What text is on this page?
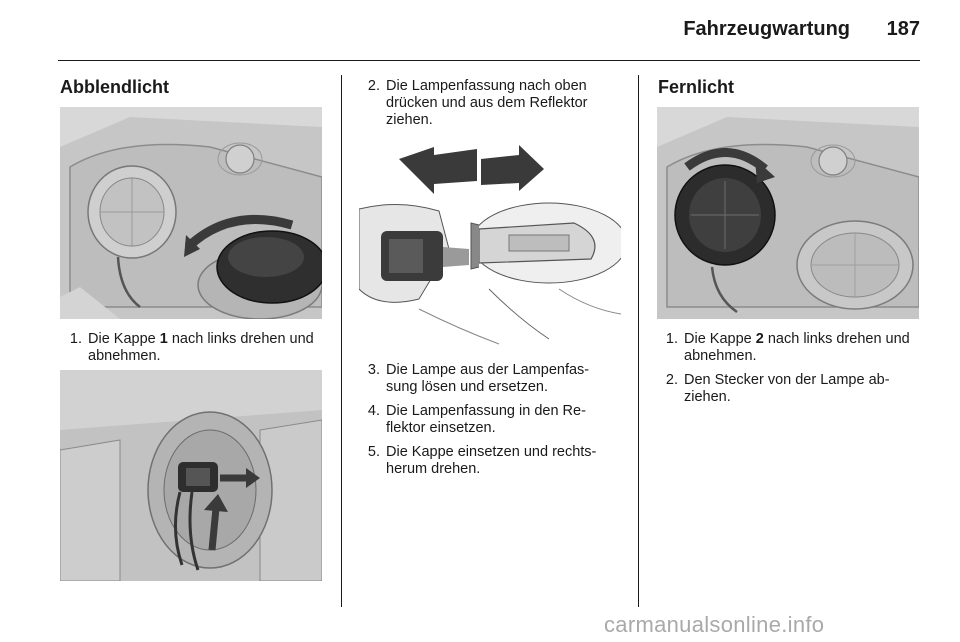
Fahrzeugwartung	187
Abblendlicht
1. Die Kappe 1 nach links drehen und abnehmen.
2. Die Lampenfassung nach oben drücken und aus dem Reflektor ziehen.
3. Die Lampe aus der Lampenfas- sung lösen und ersetzen.
4. Die Lampenfassung in den Re- flektor einsetzen.
5. Die Kappe einsetzen und rechts- herum drehen.
Fernlicht
1. Die Kappe 2 nach links drehen und abnehmen.
2. Den Stecker von der Lampe ab- ziehen.
carmanualsonline.info
